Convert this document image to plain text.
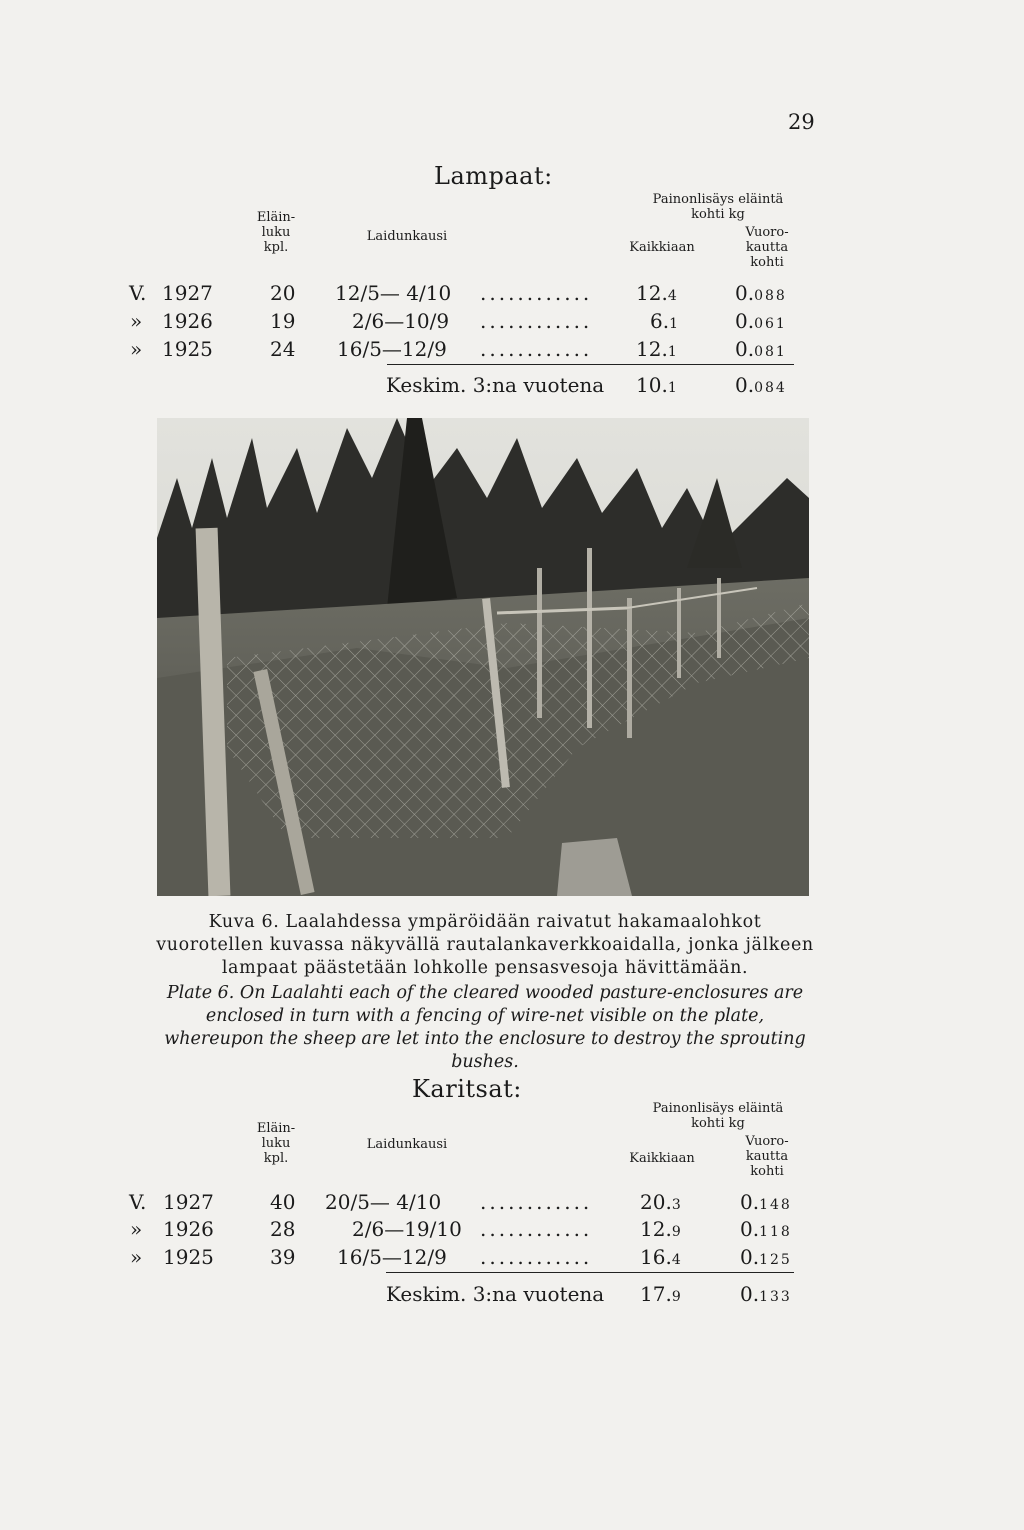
29
Lampaat:
Painonlisäys eläintä
kohti kg
Eläin-
luku
kpl.
Laidunkausi
Kaikkiaan
Vuoro-
kautta
kohti
V. 1927	20 12/5— 4/10 ............ 12.4	0.088
» 1926	19	2/6—10/9 ............	6.1	0.061
» 1925	24 16/5—12/9 ............ 12.1	0.081
Keskim. 3:na vuotena 10.1	0.084
Kuva 6. Laalahdessa ympäröidään raivatut hakamaalohkot vuorotellen kuvassa näkyvällä rautalankaverkkoaidalla, jonka jälkeen lampaat päästetään lohkolle pensasvesoja hävittämään.
Plate 6. On Laalahti each of the cleared wooded pasture-enclosures are enclosed in turn with a fencing of wire-net visible on the plate, whereupon the sheep are let into the enclosure to destroy the sprouting bushes.
Karitsat:
Painonlisäys eläintä
kohti kg
Eläin-
luku
kpl.
Laidunkausi
Kaikkiaan
Vuoro-
kautta
kohti
V. 1927	40 20/5— 4/10 ............ 20.3	0.148
» 1926	28	2/6—19/10 ............ 12.9	0.118
» 1925	39 16/5—12/9 ............ 16.4	0.125
Keskim. 3:na vuotena 17.9	0.133
